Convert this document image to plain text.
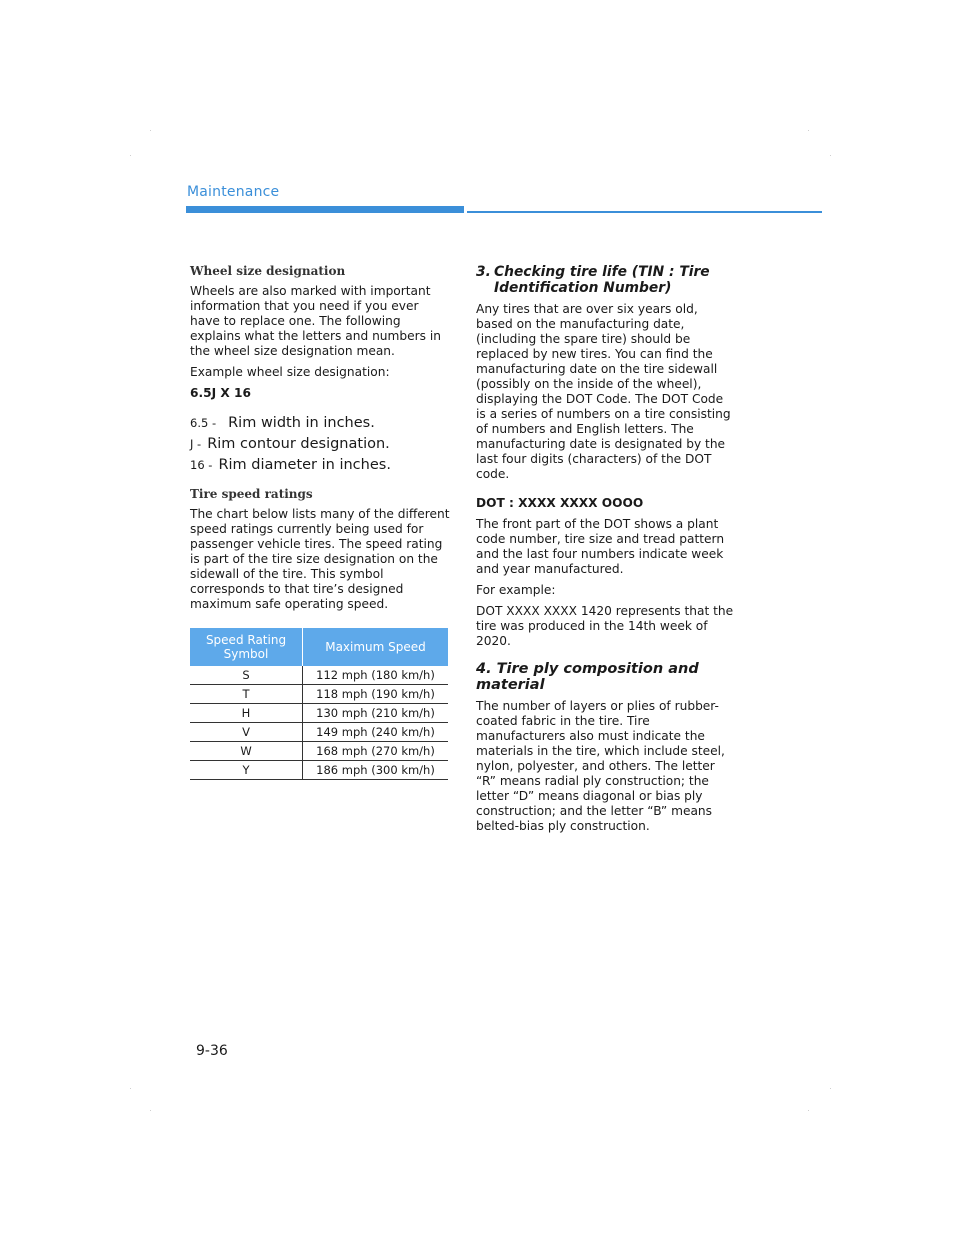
Maintenance
Wheel size designation
Wheels are also marked with important information that you need if you ever have to replace one. The following explains what the letters and numbers in the wheel size designation mean.
Example wheel size designation:
6.5J X 16
6.5 - Rim width in inches.
J - Rim contour designation.
16 - Rim diameter in inches.
Tire speed ratings
The chart below lists many of the different speed ratings currently being used for passenger vehicle tires. The speed rating is part of the tire size designation on the sidewall of the tire. This symbol corresponds to that tire’s designed maximum safe operating speed.
Speed Rating Symbol	Maximum Speed
S	112 mph (180 km/h)
T	118 mph (190 km/h)
H	130 mph (210 km/h)
V	149 mph (240 km/h)
W	168 mph (270 km/h)
Y	186 mph (300 km/h)
3. Checking tire life (TIN : Tire
Identification Number)
Any tires that are over six years old, based on the manufacturing date, (including the spare tire) should be replaced by new tires. You can find the manufacturing date on the tire sidewall (possibly on the inside of the wheel), displaying the DOT Code. The DOT Code is a series of numbers on a tire consisting of numbers and English letters. The manufacturing date is designated by the last four digits (characters) of the DOT code.
DOT : XXXX XXXX OOOO
The front part of the DOT shows a plant code number, tire size and tread pattern and the last four numbers indicate week and year manufactured.
For example:
DOT XXXX XXXX 1420 represents that the tire was produced in the 14th week of 2020.
4. Tire ply composition and material
The number of layers or plies of rubber-coated fabric in the tire. Tire manufacturers also must indicate the materials in the tire, which include steel, nylon, polyester, and others. The letter “R” means radial ply construction; the letter “D” means diagonal or bias ply construction; and the letter “B” means belted-bias ply construction.
9-36
